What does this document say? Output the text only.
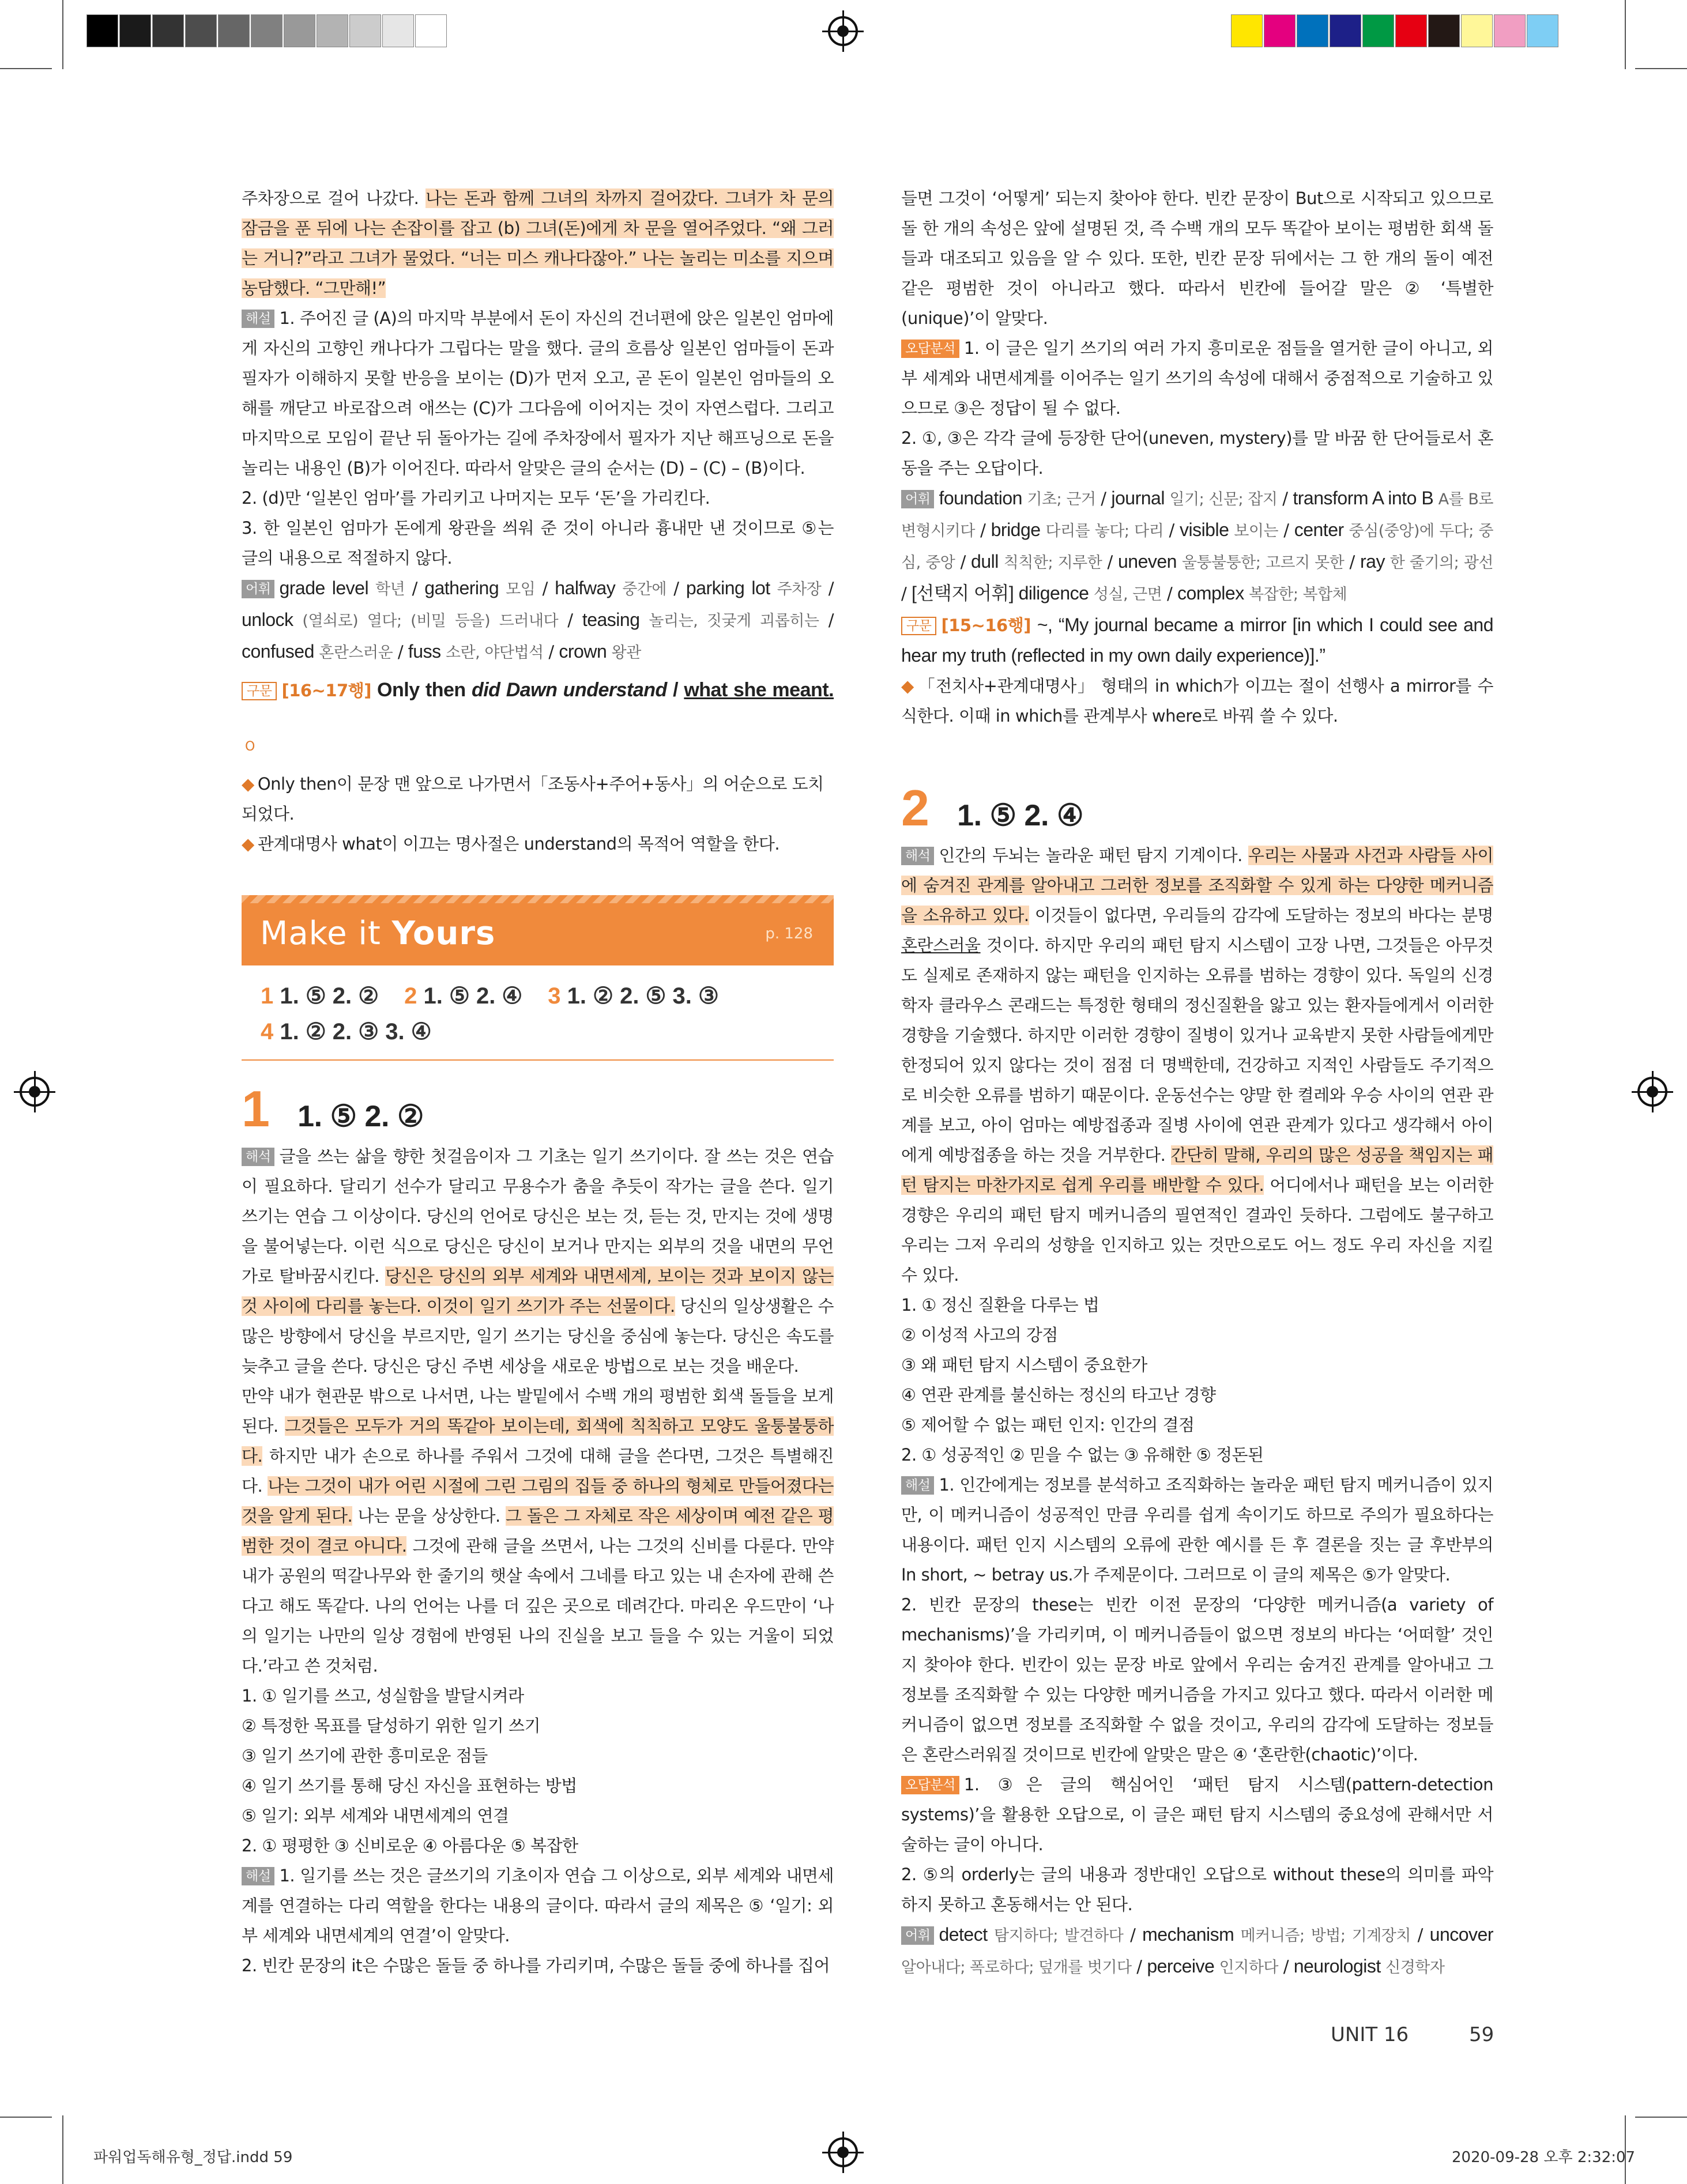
주차장으로 걸어 나갔다. 나는 돈과 함께 그녀의 차까지 걸어갔다. 그녀가 차 문의 잠금을 푼 뒤에 나는 손잡이를 잡고 (b) 그녀(돈)에게 차 문을 열어주었다. “왜 그러는 거니?”라고 그녀가 물었다. “너는 미스 캐나다잖아.” 나는 놀리는 미소를 지으며 농담했다. “그만해!”

해설 1. 주어진 글 (A)의 마지막 부분에서 돈이 자신의 건너편에 앉은 일본인 엄마에게 자신의 고향인 캐나다가 그립다는 말을 했다. 글의 흐름상 일본인 엄마들이 돈과 필자가 이해하지 못할 반응을 보이는 (D)가 먼저 오고, 곧 돈이 일본인 엄마들의 오해를 깨닫고 바로잡으려 애쓰는 (C)가 그다음에 이어지는 것이 자연스럽다. 그리고 마지막으로 모임이 끝난 뒤 돌아가는 길에 주차장에서 필자가 지난 해프닝으로 돈을 놀리는 내용인 (B)가 이어진다. 따라서 알맞은 글의 순서는 (D) – (C) – (B)이다.

2. (d)만 ‘일본인 엄마’를 가리키고 나머지는 모두 ‘돈’을 가리킨다.

3. 한 일본인 엄마가 돈에게 왕관을 씌워 준 것이 아니라 흉내만 낸 것이므로 ⑤는 글의 내용으로 적절하지 않다.

어휘 grade level 학년 / gathering 모임 / halfway 중간에 / parking lot 주차장 / unlock (열쇠로) 열다; (비밀 등을) 드러내다 / teasing 놀리는, 짓궂게 괴롭히는 / confused 혼란스러운 / fuss 소란, 야단법석 / crown 왕관

구문 [16~17행] Only then did Dawn understand / what she meant. $_O$

◆ Only then이 문장 맨 앞으로 나가면서「조동사+주어+동사」의 어순으로 도치되었다.
◆ 관계대명사 what이 이끄는 명사절은 understand의 목적어 역할을 한다.
Make it Yours	p. 128
1 1. ⑤ 2. ② 2 1. ⑤ 2. ④ 3 1. ② 2. ⑤ 3. ③
4 1. ② 2. ③ 3. ④
1 1. ⑤ 2. ②

해석 글을 쓰는 삶을 향한 첫걸음이자 그 기초는 일기 쓰기이다. 잘 쓰는 것은 연습이 필요하다. 달리기 선수가 달리고 무용수가 춤을 추듯이 작가는 글을 쓴다. 일기 쓰기는 연습 그 이상이다. 당신의 언어로 당신은 보는 것, 듣는 것, 만지는 것에 생명을 불어넣는다. 이런 식으로 당신은 당신이 보거나 만지는 외부의 것을 내면의 무언가로 탈바꿈시킨다. 당신은 당신의 외부 세계와 내면세계, 보이는 것과 보이지 않는 것 사이에 다리를 놓는다. 이것이 일기 쓰기가 주는 선물이다. 당신의 일상생활은 수많은 방향에서 당신을 부르지만, 일기 쓰기는 당신을 중심에 놓는다. 당신은 속도를 늦추고 글을 쓴다. 당신은 당신 주변 세상을 새로운 방법으로 보는 것을 배운다.

만약 내가 현관문 밖으로 나서면, 나는 발밑에서 수백 개의 평범한 회색 돌들을 보게 된다. 그것들은 모두가 거의 똑같아 보이는데, 회색에 칙칙하고 모양도 울퉁불퉁하다. 하지만 내가 손으로 하나를 주워서 그것에 대해 글을 쓴다면, 그것은 특별해진다. 나는 그것이 내가 어린 시절에 그린 그림의 집들 중 하나의 형체로 만들어졌다는 것을 알게 된다. 나는 문을 상상한다. 그 돌은 그 자체로 작은 세상이며 예전 같은 평범한 것이 결코 아니다. 그것에 관해 글을 쓰면서, 나는 그것의 신비를 다룬다. 만약 내가 공원의 떡갈나무와 한 줄기의 햇살 속에서 그네를 타고 있는 내 손자에 관해 쓴다고 해도 똑같다. 나의 언어는 나를 더 깊은 곳으로 데려간다. 마리온 우드만이 ‘나의 일기는 나만의 일상 경험에 반영된 나의 진실을 보고 들을 수 있는 거울이 되었다.’라고 쓴 것처럼.

1. ① 일기를 쓰고, 성실함을 발달시켜라
② 특정한 목표를 달성하기 위한 일기 쓰기
③ 일기 쓰기에 관한 흥미로운 점들
④ 일기 쓰기를 통해 당신 자신을 표현하는 방법
⑤ 일기: 외부 세계와 내면세계의 연결

2. ① 평평한 ③ 신비로운 ④ 아름다운 ⑤ 복잡한

해설 1. 일기를 쓰는 것은 글쓰기의 기초이자 연습 그 이상으로, 외부 세계와 내면세계를 연결하는 다리 역할을 한다는 내용의 글이다. 따라서 글의 제목은 ⑤ ‘일기: 외부 세계와 내면세계의 연결’이 알맞다.

2. 빈칸 문장의 it은 수많은 돌들 중 하나를 가리키며, 수많은 돌들 중에 하나를 집어

들면 그것이 ‘어떻게’ 되는지 찾아야 한다. 빈칸 문장이 But으로 시작되고 있으므로 돌 한 개의 속성은 앞에 설명된 것, 즉 수백 개의 모두 똑같아 보이는 평범한 회색 돌들과 대조되고 있음을 알 수 있다. 또한, 빈칸 문장 뒤에서는 그 한 개의 돌이 예전 같은 평범한 것이 아니라고 했다. 따라서 빈칸에 들어갈 말은 ② ‘특별한(unique)’이 알맞다.

오답분석 1. 이 글은 일기 쓰기의 여러 가지 흥미로운 점들을 열거한 글이 아니고, 외부 세계와 내면세계를 이어주는 일기 쓰기의 속성에 대해서 중점적으로 기술하고 있으므로 ③은 정답이 될 수 없다.

2. ①, ③은 각각 글에 등장한 단어(uneven, mystery)를 말 바꿈 한 단어들로서 혼동을 주는 오답이다.

어휘 foundation 기초; 근거 / journal 일기; 신문; 잡지 / transform A into B A를 B로 변형시키다 / bridge 다리를 놓다; 다리 / visible 보이는 / center 중심(중앙)에 두다; 중심, 중앙 / dull 칙칙한; 지루한 / uneven 울퉁불퉁한; 고르지 못한 / ray 한 줄기의; 광선 / [선택지 어휘] diligence 성실, 근면 / complex 복잡한; 복합체

구문 [15~16행] ~, “My journal became a mirror [in which I could see and hear my truth (reflected in my own daily experience)].”

◆ 「전치사+관계대명사」 형태의 in which가 이끄는 절이 선행사 a mirror를 수식한다. 이때 in which를 관계부사 where로 바꿔 쓸 수 있다.

2 1. ⑤ 2. ④

해석 인간의 두뇌는 놀라운 패턴 탐지 기계이다. 우리는 사물과 사건과 사람들 사이에 숨겨진 관계를 알아내고 그러한 정보를 조직화할 수 있게 하는 다양한 메커니즘을 소유하고 있다. 이것들이 없다면, 우리들의 감각에 도달하는 정보의 바다는 분명 혼란스러울 것이다. 하지만 우리의 패턴 탐지 시스템이 고장 나면, 그것들은 아무것도 실제로 존재하지 않는 패턴을 인지하는 오류를 범하는 경향이 있다. 독일의 신경학자 클라우스 콘래드는 특정한 형태의 정신질환을 앓고 있는 환자들에게서 이러한 경향을 기술했다. 하지만 이러한 경향이 질병이 있거나 교육받지 못한 사람들에게만 한정되어 있지 않다는 것이 점점 더 명백한데, 건강하고 지적인 사람들도 주기적으로 비슷한 오류를 범하기 때문이다. 운동선수는 양말 한 켤레와 우승 사이의 연관 관계를 보고, 아이 엄마는 예방접종과 질병 사이에 연관 관계가 있다고 생각해서 아이에게 예방접종을 하는 것을 거부한다. 간단히 말해, 우리의 많은 성공을 책임지는 패턴 탐지는 마찬가지로 쉽게 우리를 배반할 수 있다. 어디에서나 패턴을 보는 이러한 경향은 우리의 패턴 탐지 메커니즘의 필연적인 결과인 듯하다. 그럼에도 불구하고 우리는 그저 우리의 성향을 인지하고 있는 것만으로도 어느 정도 우리 자신을 지킬 수 있다.

1. ① 정신 질환을 다루는 법
② 이성적 사고의 강점
③ 왜 패턴 탐지 시스템이 중요한가
④ 연관 관계를 불신하는 정신의 타고난 경향
⑤ 제어할 수 없는 패턴 인지: 인간의 결점

2. ① 성공적인 ② 믿을 수 없는 ③ 유해한 ⑤ 정돈된

해설 1. 인간에게는 정보를 분석하고 조직화하는 놀라운 패턴 탐지 메커니즘이 있지만, 이 메커니즘이 성공적인 만큼 우리를 쉽게 속이기도 하므로 주의가 필요하다는 내용이다. 패턴 인지 시스템의 오류에 관한 예시를 든 후 결론을 짓는 글 후반부의 In short, ~ betray us.가 주제문이다. 그러므로 이 글의 제목은 ⑤가 알맞다.

2. 빈칸 문장의 these는 빈칸 이전 문장의 ‘다양한 메커니즘(a variety of mechanisms)’을 가리키며, 이 메커니즘들이 없으면 정보의 바다는 ‘어떠할’ 것인지 찾아야 한다. 빈칸이 있는 문장 바로 앞에서 우리는 숨겨진 관계를 알아내고 그 정보를 조직화할 수 있는 다양한 메커니즘을 가지고 있다고 했다. 따라서 이러한 메커니즘이 없으면 정보를 조직화할 수 없을 것이고, 우리의 감각에 도달하는 정보들은 혼란스러워질 것이므로 빈칸에 알맞은 말은 ④ ‘혼란한(chaotic)’이다.

오답분석 1. ③은 글의 핵심어인 ‘패턴 탐지 시스템(pattern-detection systems)’을 활용한 오답으로, 이 글은 패턴 탐지 시스템의 중요성에 관해서만 서술하는 글이 아니다.

2. ⑤의 orderly는 글의 내용과 정반대인 오답으로 without these의 의미를 파악하지 못하고 혼동해서는 안 된다.

어휘 detect 탐지하다; 발견하다 / mechanism 메커니즘; 방법; 기계장치 / uncover 알아내다; 폭로하다; 덮개를 벗기다 / perceive 인지하다 / neurologist 신경학자

UNIT 16	59
파워업독해유형_정답.indd 59	2020-09-28 오후 2:32:07
